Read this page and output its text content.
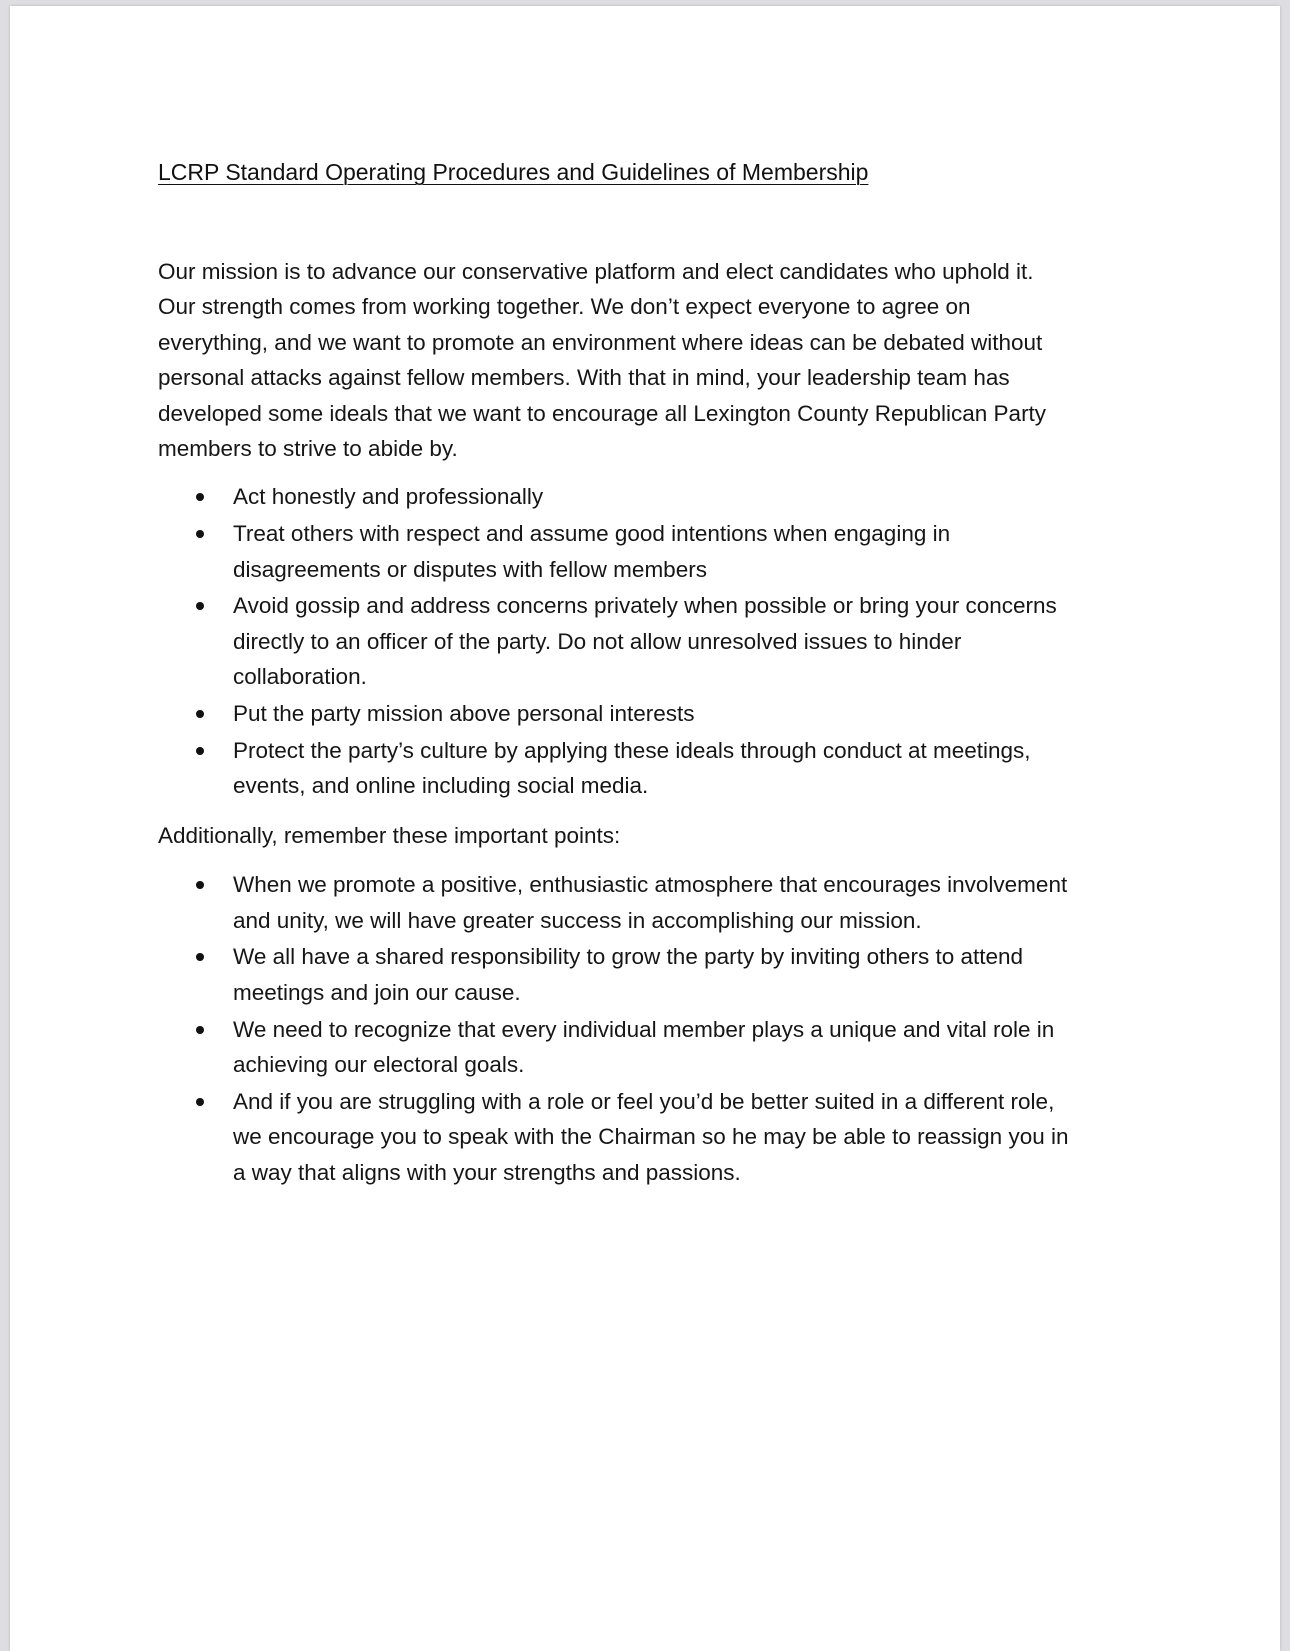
LCRP Standard Operating Procedures and Guidelines of Membership

Our mission is to advance our conservative platform and elect candidates who uphold it.
Our strength comes from working together. We don’t expect everyone to agree on
everything, and we want to promote an environment where ideas can be debated without
personal attacks against fellow members. With that in mind, your leadership team has
developed some ideals that we want to encourage all Lexington County Republican Party
members to strive to abide by.

Act honestly and professionally
Treat others with respect and assume good intentions when engaging in
disagreements or disputes with fellow members
Avoid gossip and address concerns privately when possible or bring your concerns
directly to an officer of the party. Do not allow unresolved issues to hinder
collaboration.
Put the party mission above personal interests
Protect the party’s culture by applying these ideals through conduct at meetings,
events, and online including social media.

Additionally, remember these important points:

When we promote a positive, enthusiastic atmosphere that encourages involvement
and unity, we will have greater success in accomplishing our mission.
We all have a shared responsibility to grow the party by inviting others to attend
meetings and join our cause.
We need to recognize that every individual member plays a unique and vital role in
achieving our electoral goals.
And if you are struggling with a role or feel you’d be better suited in a different role,
we encourage you to speak with the Chairman so he may be able to reassign you in
a way that aligns with your strengths and passions.
